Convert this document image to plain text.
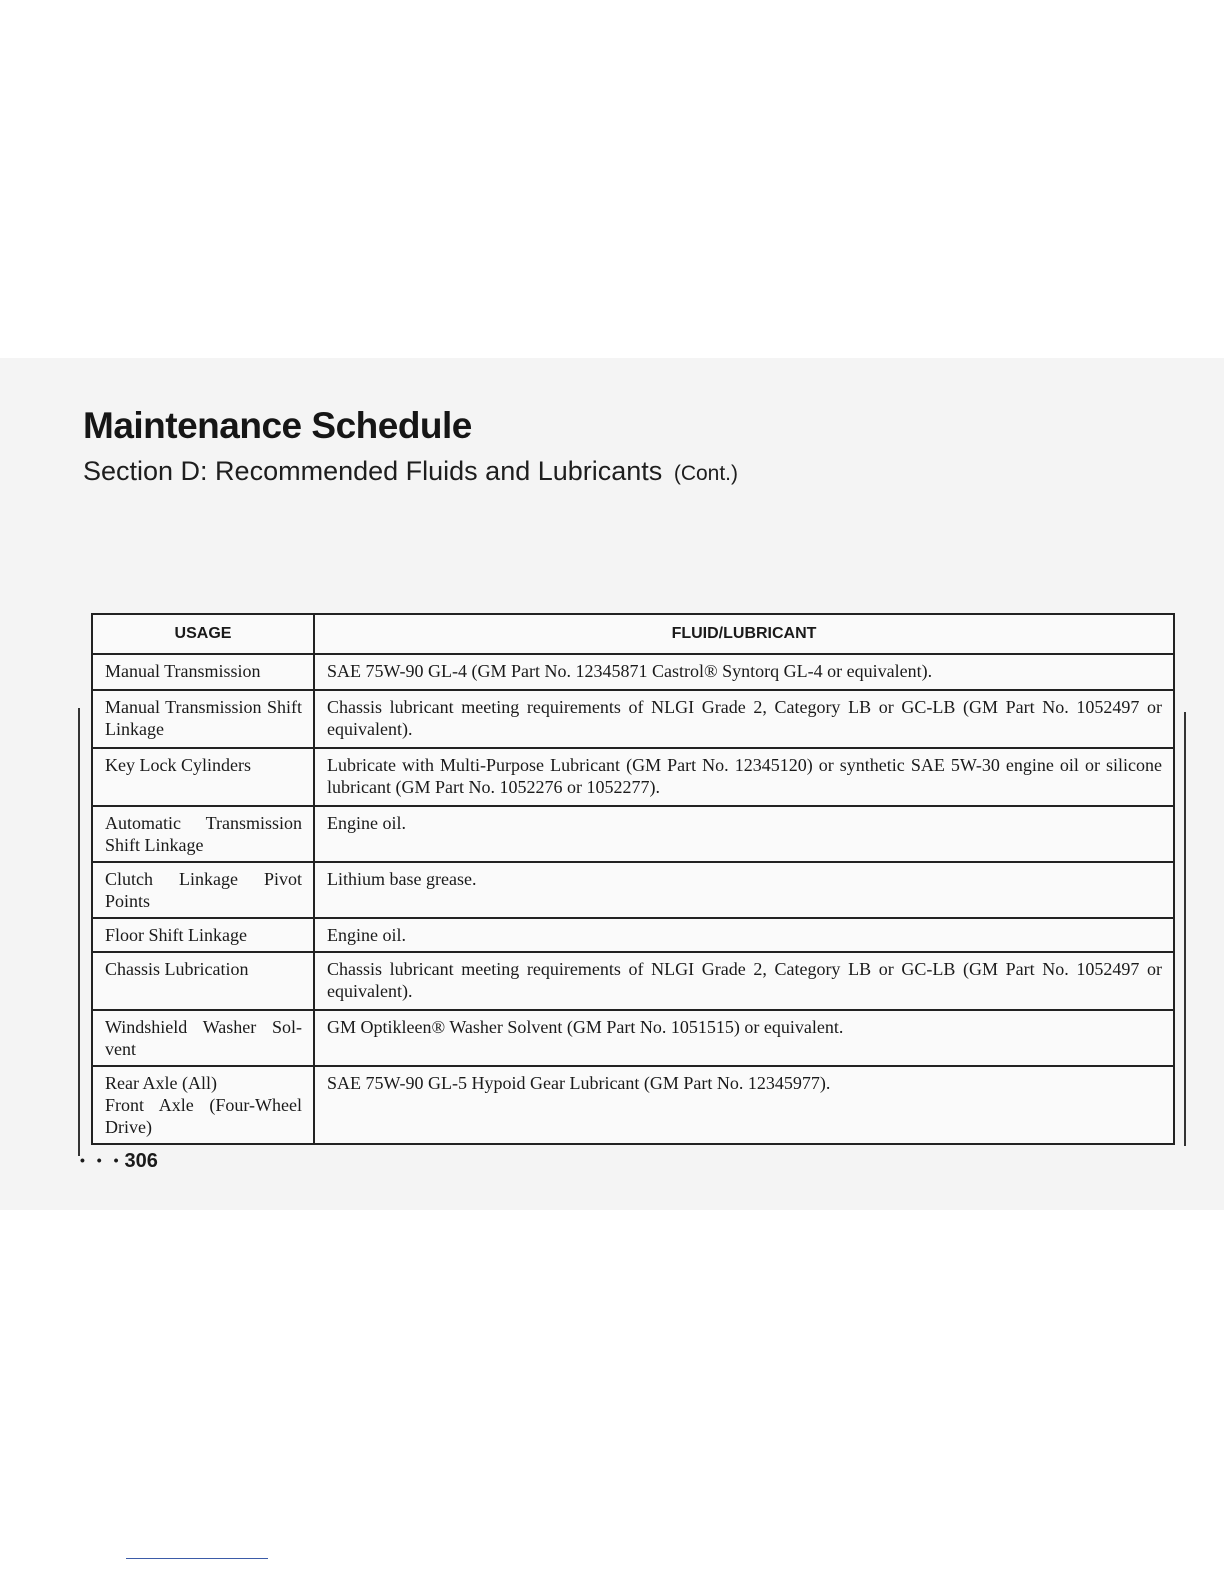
Maintenance Schedule
Section D: Recommended Fluids and Lubricants (Cont.)
USAGE	FLUID/LUBRICANT
Manual Transmission	SAE 75W-90 GL-4 (GM Part No. 12345871 Castrol® Syntorq GL-4 or equivalent).
Manual Transmission Shift Linkage	Chassis lubricant meeting requirements of NLGI Grade 2, Category LB or GC-LB (GM Part No. 1052497 or equivalent).
Key Lock Cylinders	Lubricate with Multi-Purpose Lubricant (GM Part No. 12345120) or synthetic SAE 5W-30 engine oil or silicone lubricant (GM Part No. 1052276 or 1052277).
Automatic Transmission Shift Linkage	Engine oil.
Clutch Linkage Pivot Points	Lithium base grease.
Floor Shift Linkage	Engine oil.
Chassis Lubrication	Chassis lubricant meeting requirements of NLGI Grade 2, Category LB or GC-LB (GM Part No. 1052497 or equivalent).
Windshield Washer Sol-vent	GM Optikleen® Washer Solvent (GM Part No. 1051515) or equivalent.
Rear Axle (All)
Front Axle (Four-Wheel Drive)	SAE 75W-90 GL-5 Hypoid Gear Lubricant (GM Part No. 12345977).
• • • 306
